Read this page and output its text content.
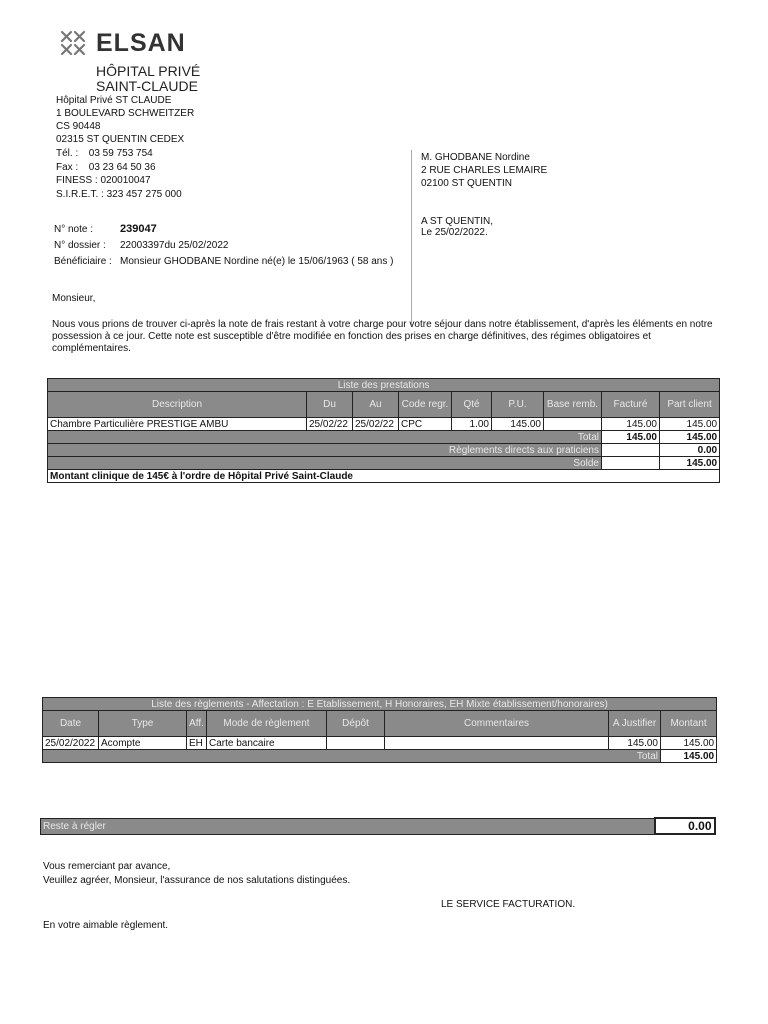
ELSAN
HÔPITAL PRIVÉ
SAINT-CLAUDE
Hôpital Privé ST CLAUDE
1 BOULEVARD SCHWEITZER
CS 90448
02315 ST QUENTIN CEDEX
Tél. : 03 59 753 754
Fax : 03 23 64 50 36
FINESS : 020010047
S.I.R.E.T. : 323 457 275 000
M. GHODBANE Nordine
2 RUE CHARLES LEMAIRE
02100 ST QUENTIN
A ST QUENTIN,
Le 25/02/2022.
N° note : 239047
N° dossier : 22003397du 25/02/2022
Bénéficiaire : Monsieur GHODBANE Nordine né(e) le 15/06/1963 ( 58 ans )
Monsieur,
Nous vous prions de trouver ci-après la note de frais restant à votre charge pour votre séjour dans notre établissement, d'après les éléments en notre possession à ce jour. Cette note est susceptible d'être modifiée en fonction des prises en charge définitives, des régimes obligatoires et complémentaires.
Liste des prestations								
Description	Du	Au	Code regr.	Qté	P.U.	Base remb.	Facturé	Part client
Chambre Particulière PRESTIGE AMBU	25/02/22	25/02/22	CPC	1.00	145.00		145.00	145.00
Total							145.00	145.00
Règlements directs aux praticiens								0.00
Solde								145.00
Montant clinique de 145€ à l'ordre de Hôpital Privé Saint-Claude								
Liste des règlements - Affectation : E Etablissement, H Honoraires, EH Mixte établissement/honoraires)							
Date	Type	Aff.	Mode de règlement	Dépôt	Commentaires	A Justifier	Montant
25/02/2022	Acompte	EH	Carte bancaire			145.00	145.00
Total							145.00
Reste à régler	0.00
Vous remerciant par avance,
Veuillez agréer, Monsieur, l'assurance de nos salutations distinguées.
LE SERVICE FACTURATION.
En votre aimable règlement.
